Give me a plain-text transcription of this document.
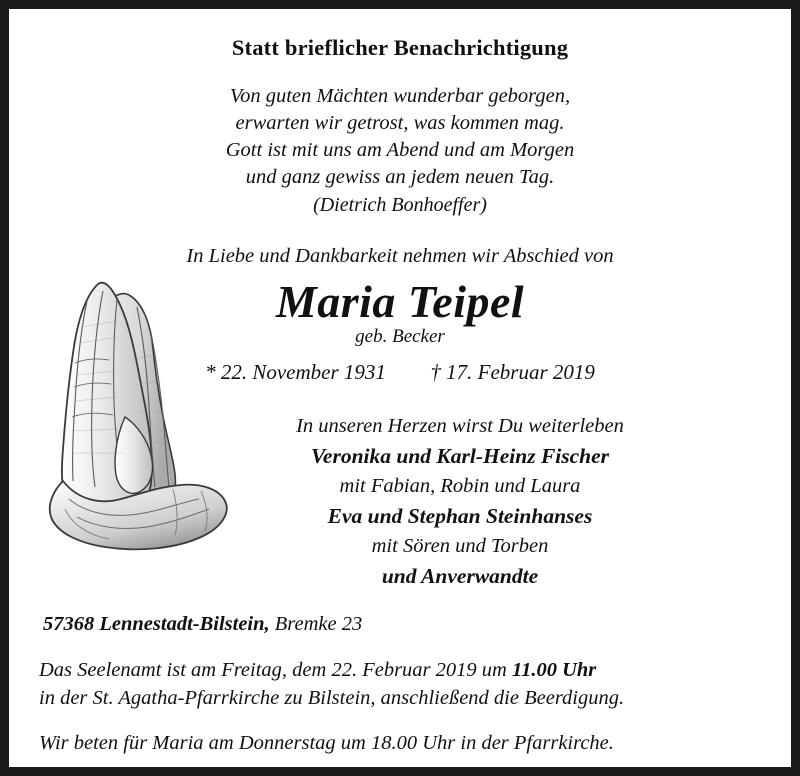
Statt brieflicher Benachrichtigung
Von guten Mächten wunderbar geborgen,
erwarten wir getrost, was kommen mag.
Gott ist mit uns am Abend und am Morgen
und ganz gewiss an jedem neuen Tag.
(Dietrich Bonhoeffer)
In Liebe und Dankbarkeit nehmen wir Abschied von
Maria Teipel
geb. Becker
* 22. November 1931 † 17. Februar 2019
In unseren Herzen wirst Du weiterleben
Veronika und Karl-Heinz Fischer
mit Fabian, Robin und Laura
Eva und Stephan Steinhanses
mit Sören und Torben
und Anverwandte
57368 Lennestadt-Bilstein, Bremke 23
Das Seelenamt ist am Freitag, dem 22. Februar 2019 um 11.00 Uhr
in der St. Agatha-Pfarrkirche zu Bilstein, anschließend die Beerdigung.
Wir beten für Maria am Donnerstag um 18.00 Uhr in der Pfarrkirche.
